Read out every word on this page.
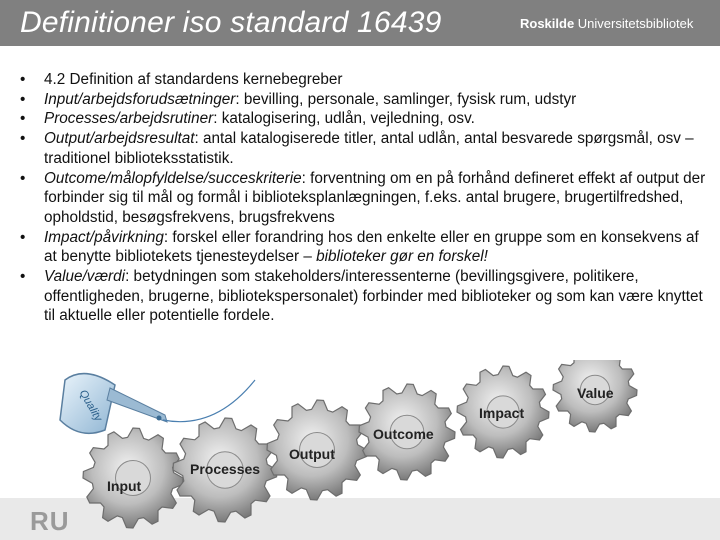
Definitioner iso standard 16439	Roskilde Universitetsbibliotek
• 4.2 Definition af standardens kernebegreber
• Input/arbejdsforudsætninger: bevilling, personale, samlinger, fysisk rum, udstyr
• Processes/arbejdsrutiner: katalogisering, udlån, vejledning, osv.
• Output/arbejdsresultat: antal katalogiserede titler, antal udlån, antal besvarede spørgsmål, osv – traditionel biblioteksstatistik.
• Outcome/målopfyldelse/succeskriterie: forventning om en på forhånd defineret effekt af output der forbinder sig til mål og formål i biblioteksplanlægningen, f.eks. antal brugere, brugertilfredshed, opholdstid, besøgsfrekvens, brugsfrekvens
• Impact/påvirkning: forskel eller forandring hos den enkelte eller en gruppe som en konsekvens af at benytte bibliotekets tjenesteydelser – biblioteker gør en forskel!
• Value/værdi: betydningen som stakeholders/interessenterne (bevillingsgivere, politikere, offentligheden, brugerne, bibliotekspersonalet) forbinder med biblioteker og som kan være knyttet til aktuelle eller potentielle fordele.
RU
Quality
Input
Processes
Output
Outcome
Impact
Value
